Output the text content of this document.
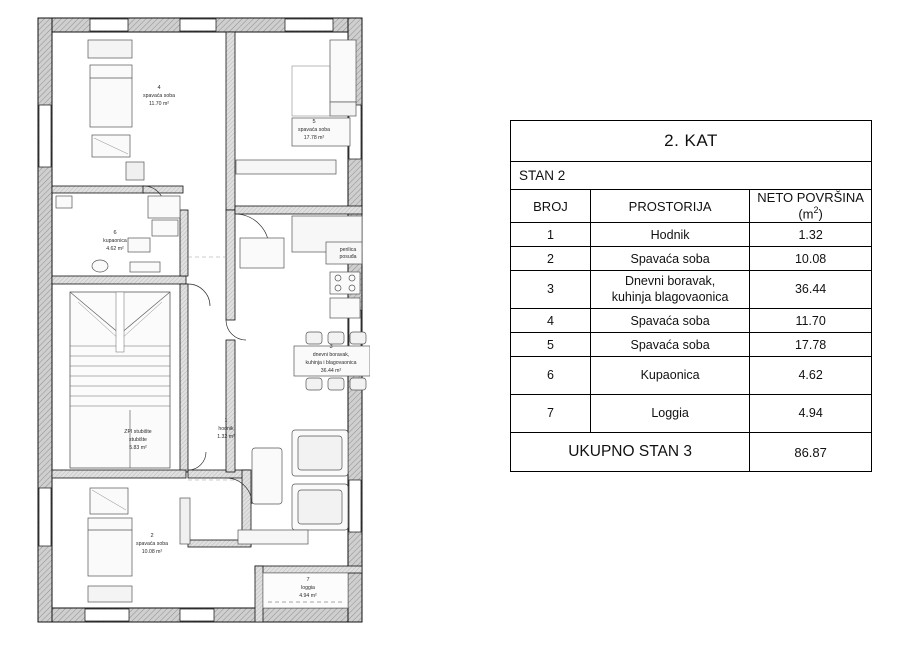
4
spavaća soba
11.70 m²
5
spavaća soba
17.78 m²
6
kupaonica
4.62 m²
3
dnevni boravak,
kuhinja i blagovaonica
36.44 m²
1
hodnik
1.32 m²
2
spavaća soba
10.08 m²
7
loggia
4.94 m²
ZPI stubište
stubište
5.83 m²
perilica
posuđa
2. KAT		
STAN 2		
BROJ	PROSTORIJA	NETO POVRŠINA $(m^2)$
1	Hodnik	1.32
2	Spavaća soba	10.08
3	Dnevni boravak,
kuhinja blagovaonica	36.44
4	Spavaća soba	11.70
5	Spavaća soba	17.78
6	Kupaonica	4.62
7	Loggia	4.94
UKUPNO STAN 3		86.87
